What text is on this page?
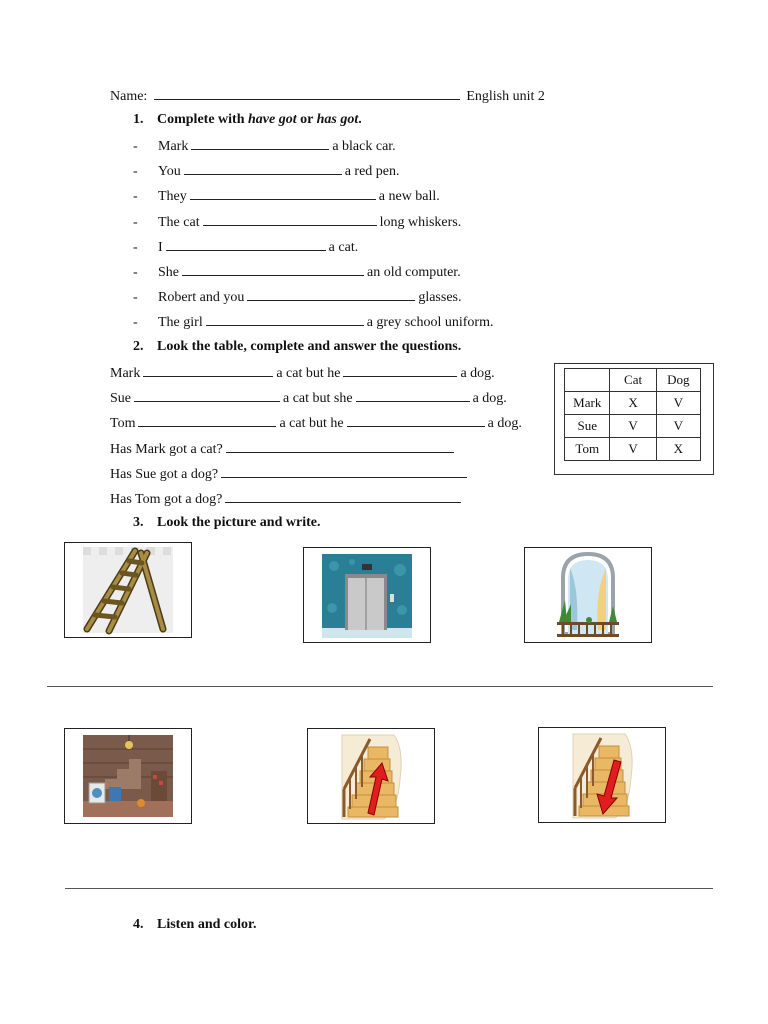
Name:	English unit 2
1. Complete with have got or has got.
- Mark	a black car.
- You	a red pen.
- They	a new ball.
- The cat	long whiskers.
- I	a cat.
- She	an old computer.
- Robert and you	glasses.
- The girl	a grey school uniform.
2. Look the table, complete and answer the questions.
Mark	a cat but he	a dog.
Sue	a cat but she	a dog.
Tom	a cat but he	a dog.
Has Mark got a cat?
Has Sue got a dog?
Has Tom got a dog?
	Cat	Dog
Mark	X	V
Sue	V	V
Tom	V	X
3. Look the picture and write.
4. Listen and color.
